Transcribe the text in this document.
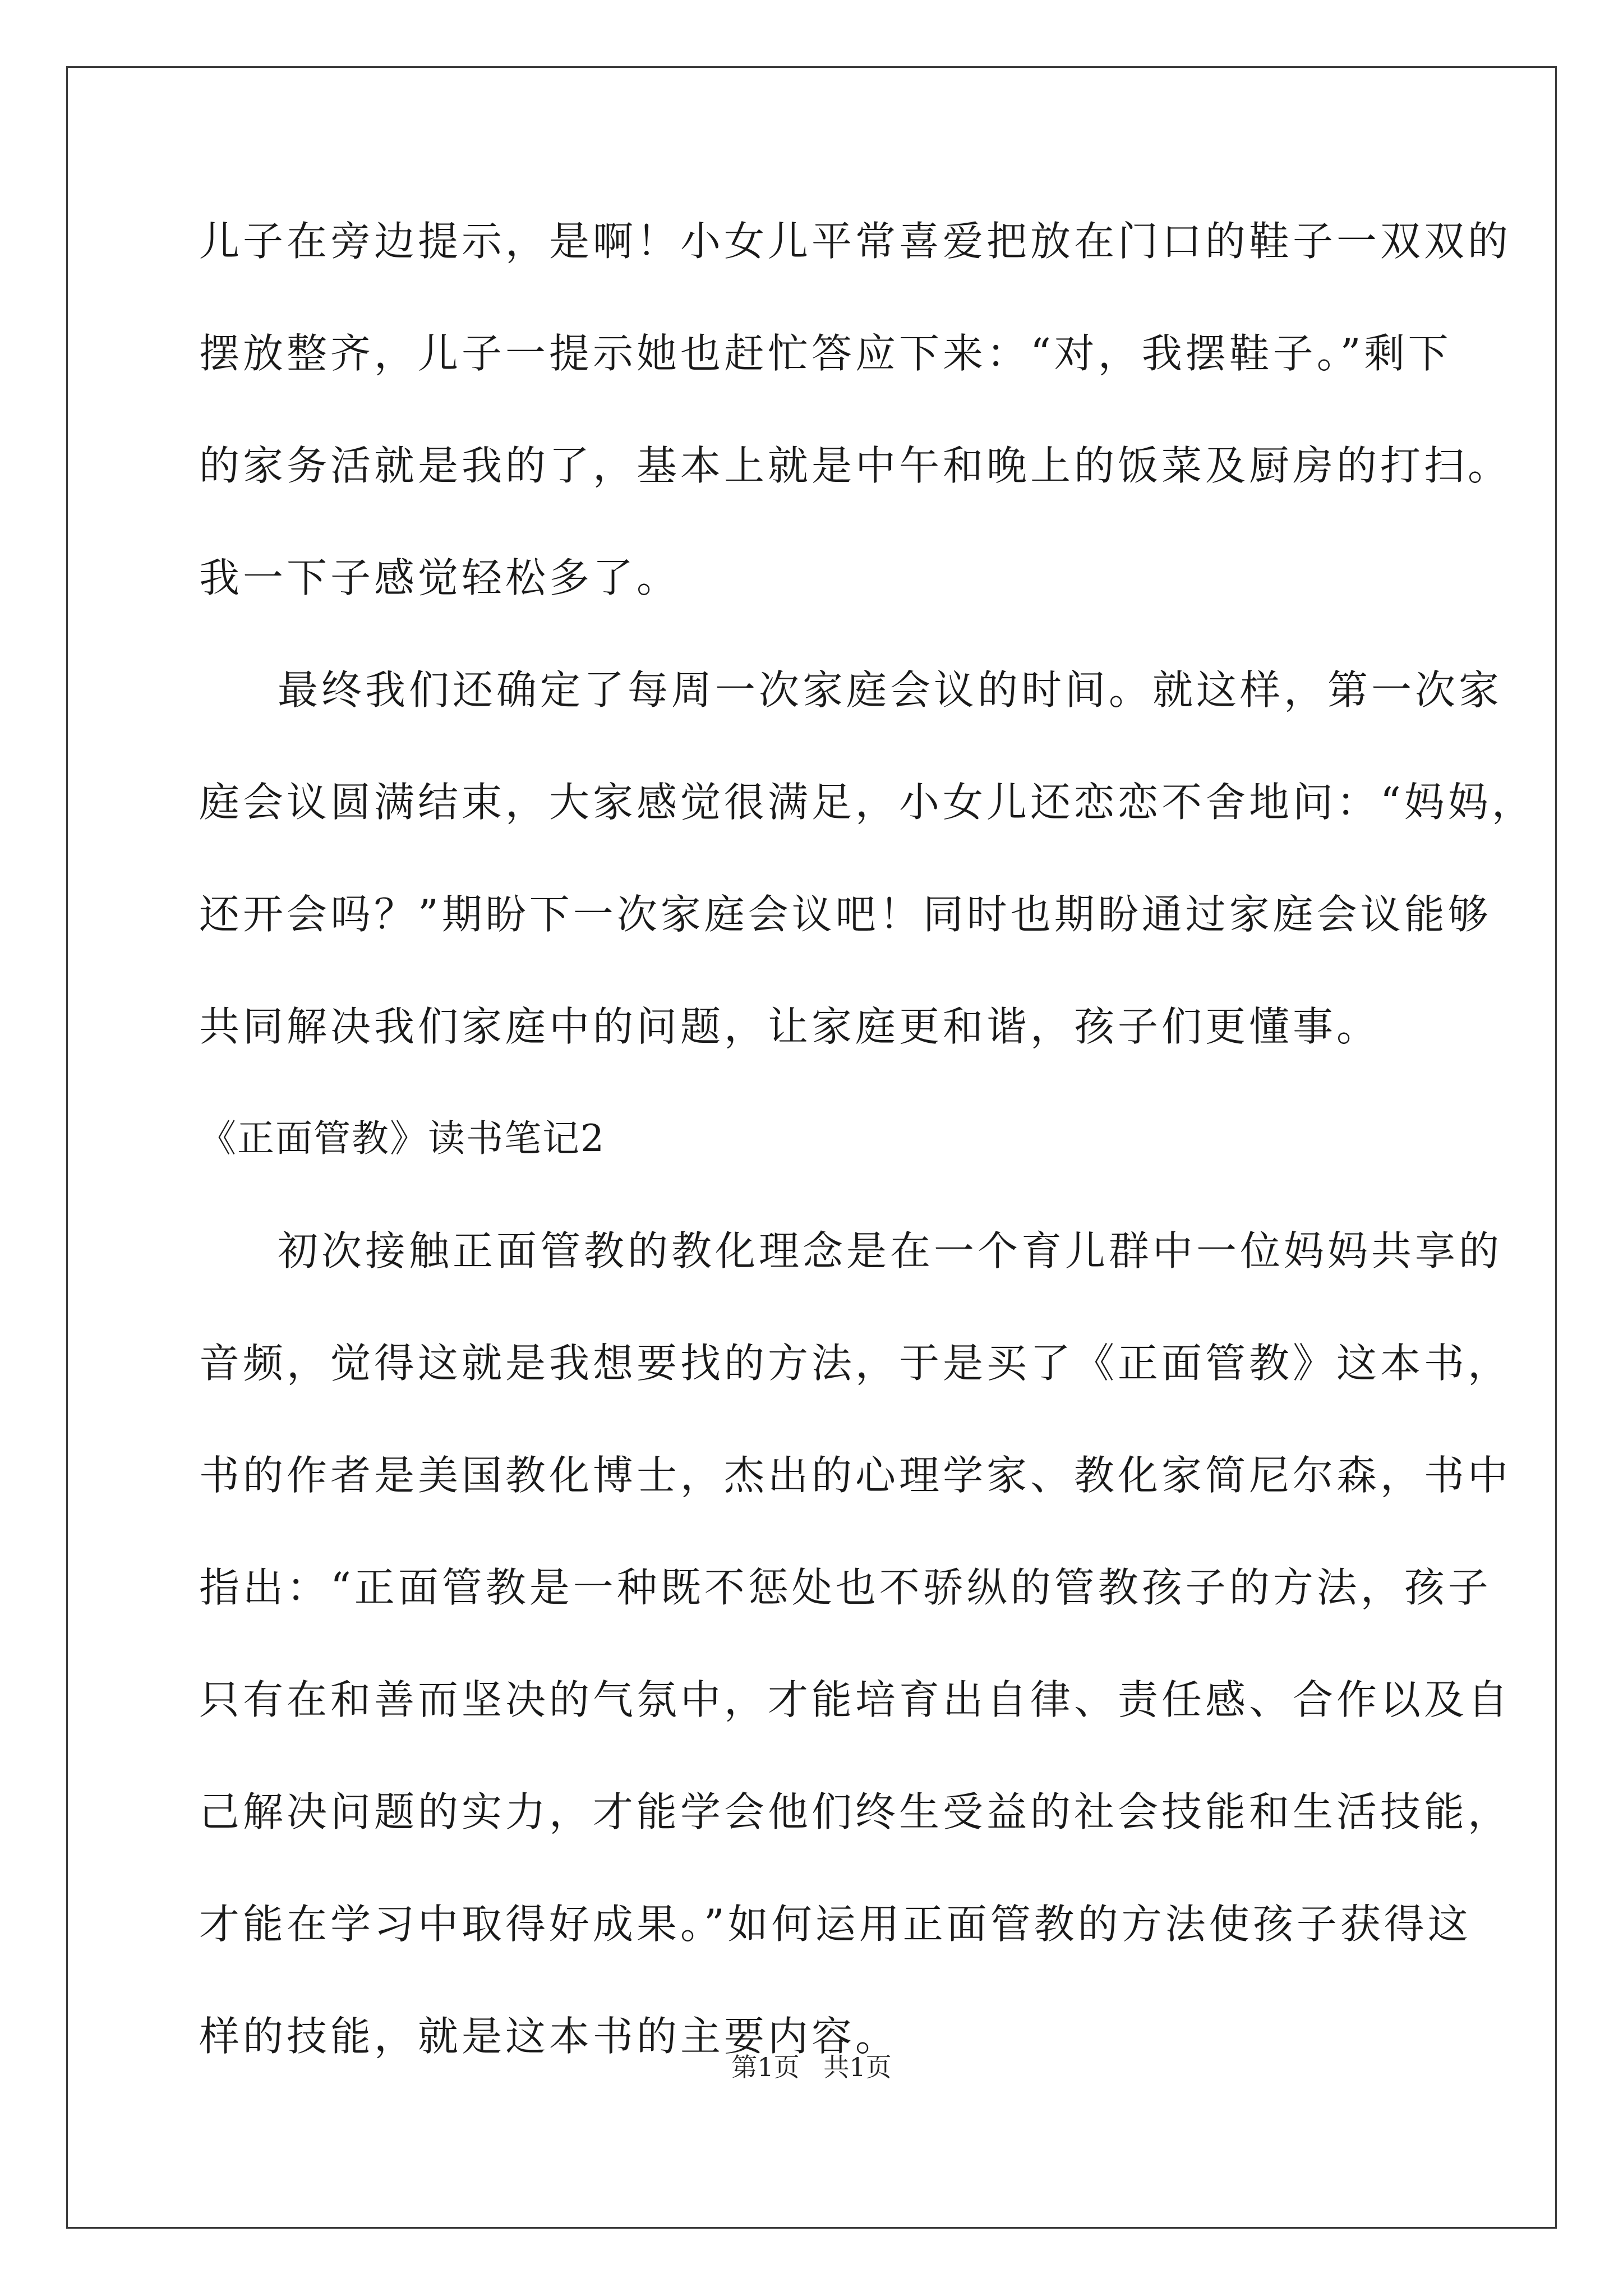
儿子在旁边提示，是啊！小女儿平常喜爱把放在门口的鞋子一双双的

摆放整齐，儿子一提示她也赶忙答应下来：“对，我摆鞋子。”剩下

的家务活就是我的了，基本上就是中午和晚上的饭菜及厨房的打扫。

我一下子感觉轻松多了。

最终我们还确定了每周一次家庭会议的时间。就这样，第一次家

庭会议圆满结束，大家感觉很满足，小女儿还恋恋不舍地问：“妈妈，

还开会吗？”期盼下一次家庭会议吧！同时也期盼通过家庭会议能够

共同解决我们家庭中的问题，让家庭更和谐，孩子们更懂事。

《正面管教》读书笔记2

初次接触正面管教的教化理念是在一个育儿群中一位妈妈共享的

音频，觉得这就是我想要找的方法，于是买了《正面管教》这本书，

书的作者是美国教化博士，杰出的心理学家、教化家简尼尔森，书中

指出：“正面管教是一种既不惩处也不骄纵的管教孩子的方法，孩子

只有在和善而坚决的气氛中，才能培育出自律、责任感、合作以及自

己解决问题的实力，才能学会他们终生受益的社会技能和生活技能，

才能在学习中取得好成果。”如何运用正面管教的方法使孩子获得这

样的技能，就是这本书的主要内容。

第1页 共1页
